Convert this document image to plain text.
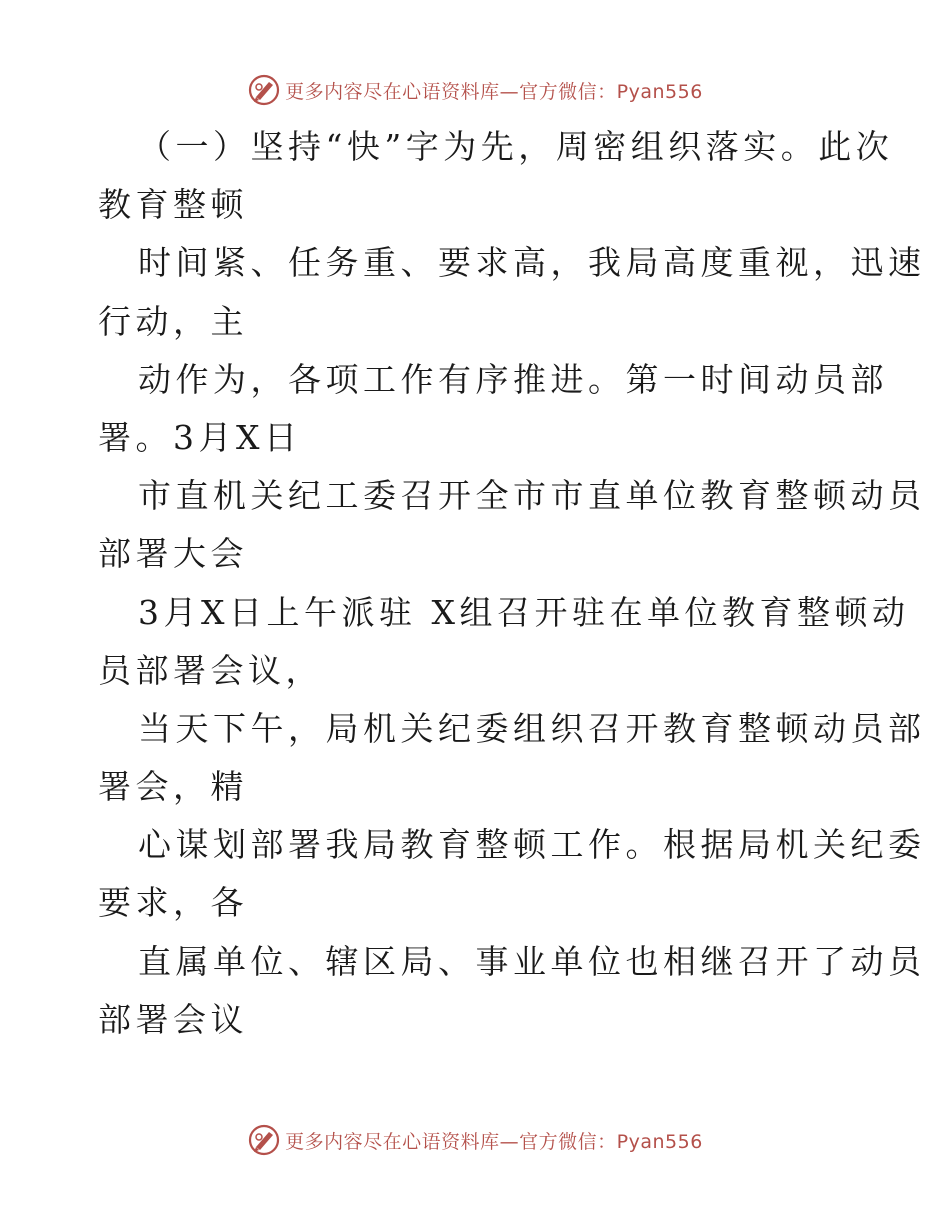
更多内容尽在心语资料库—官方微信：Pyan556
（一）坚持“快”字为先，周密组织落实。此次
教育整顿
时间紧、任务重、要求高，我局高度重视，迅速
行动，主
动作为，各项工作有序推进。第一时间动员部
署。3月X日
市直机关纪工委召开全市市直单位教育整顿动员
部署大会
3月X日上午派驻 X组召开驻在单位教育整顿动
员部署会议，
当天下午，局机关纪委组织召开教育整顿动员部
署会，精
心谋划部署我局教育整顿工作。根据局机关纪委
要求，各
直属单位、辖区局、事业单位也相继召开了动员
部署会议
更多内容尽在心语资料库—官方微信：Pyan556
